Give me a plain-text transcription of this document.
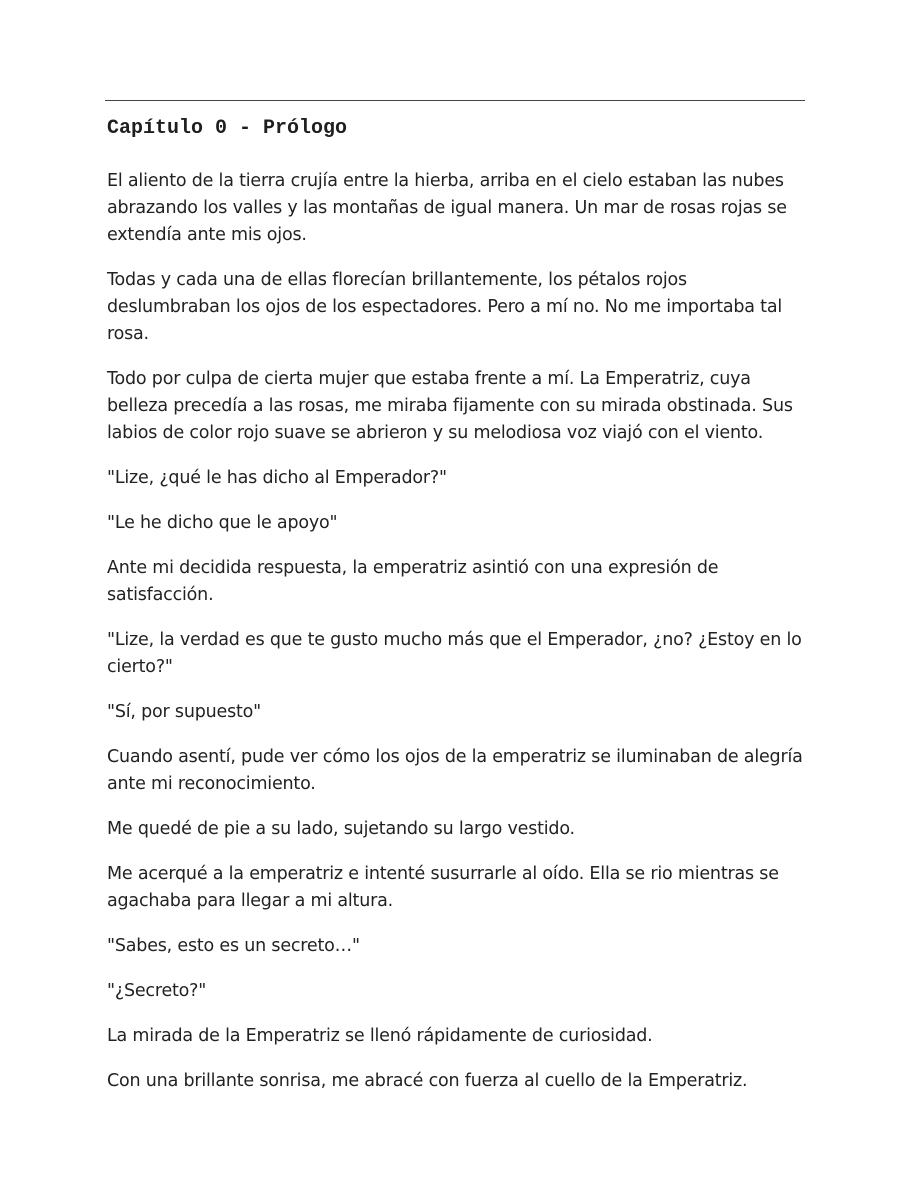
Capítulo 0 - Prólogo

El aliento de la tierra crujía entre la hierba, arriba en el cielo estaban las nubes abrazando los valles y las montañas de igual manera. Un mar de rosas rojas se extendía ante mis ojos.

Todas y cada una de ellas florecían brillantemente, los pétalos rojos deslumbraban los ojos de los espectadores. Pero a mí no. No me importaba tal rosa.

Todo por culpa de cierta mujer que estaba frente a mí. La Emperatriz, cuya belleza precedía a las rosas, me miraba fijamente con su mirada obstinada. Sus labios de color rojo suave se abrieron y su melodiosa voz viajó con el viento.

"Lize, ¿qué le has dicho al Emperador?"

"Le he dicho que le apoyo"

Ante mi decidida respuesta, la emperatriz asintió con una expresión de satisfacción.

"Lize, la verdad es que te gusto mucho más que el Emperador, ¿no? ¿Estoy en lo cierto?"

"Sí, por supuesto"

Cuando asentí, pude ver cómo los ojos de la emperatriz se iluminaban de alegría ante mi reconocimiento.

Me quedé de pie a su lado, sujetando su largo vestido.

Me acerqué a la emperatriz e intenté susurrarle al oído. Ella se rio mientras se agachaba para llegar a mi altura.

"Sabes, esto es un secreto…"

"¿Secreto?"

La mirada de la Emperatriz se llenó rápidamente de curiosidad.

Con una brillante sonrisa, me abracé con fuerza al cuello de la Emperatriz.
